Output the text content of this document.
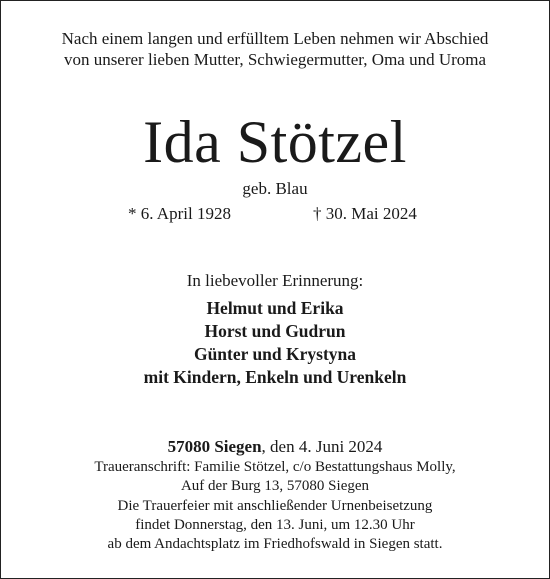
Nach einem langen und erfülltem Leben nehmen wir Abschied
von unserer lieben Mutter, Schwiegermutter, Oma und Uroma
Ida Stötzel
geb. Blau
* 6. April 1928	† 30. Mai 2024
In liebevoller Erinnerung:
Helmut und Erika
Horst und Gudrun
Günter und Krystyna
mit Kindern, Enkeln und Urenkeln
57080 Siegen, den 4. Juni 2024
Traueranschrift: Familie Stötzel, c/o Bestattungshaus Molly,
Auf der Burg 13, 57080 Siegen
Die Trauerfeier mit anschließender Urnenbeisetzung
findet Donnerstag, den 13. Juni, um 12.30 Uhr
ab dem Andachtsplatz im Friedhofswald in Siegen statt.
